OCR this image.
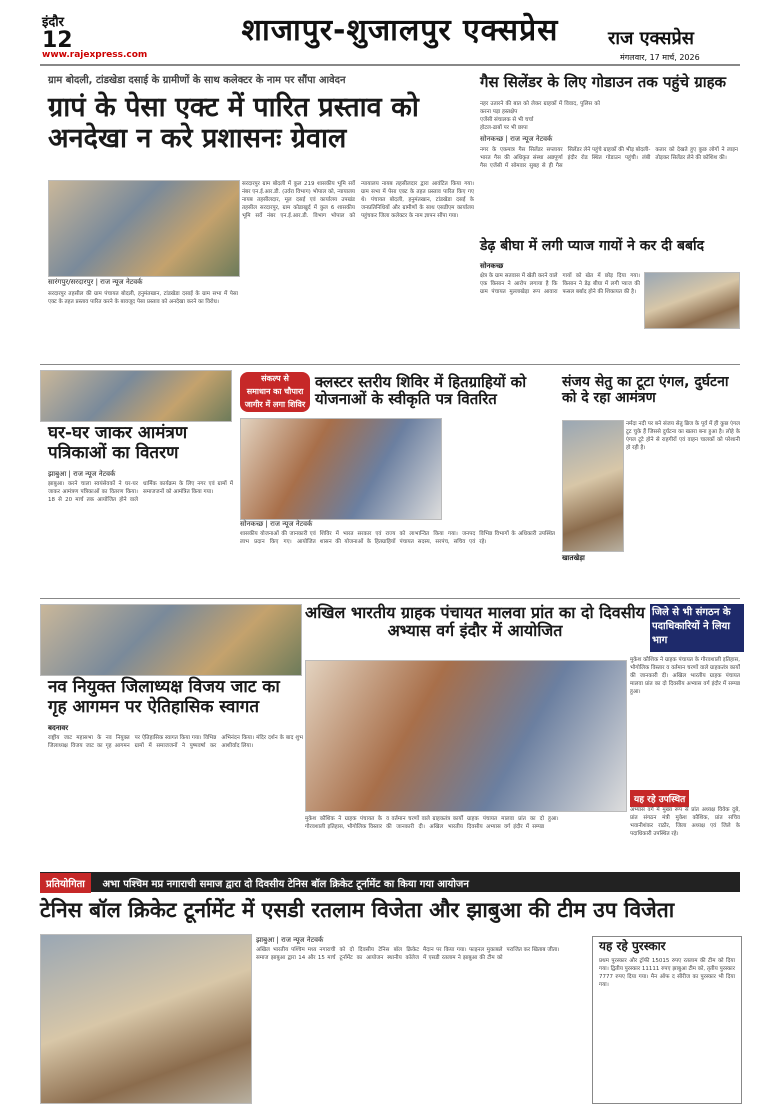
इंदौर
12	शाजापुर-शुजालपुर एक्सप्रेस	राज एक्सप्रेस
मंगलवार, 17 मार्च, 2026
www.rajexpress.com
ग्राम बोदली, टांडखेडा दसाई के ग्रामीणों के साथ कलेक्टर के नाम पर सौंपा आवेदन
ग्रापं के पेसा एक्ट में पारित प्रस्ताव को अनदेखा न करे प्रशासनः ग्रेवाल
सारंगपुर/सरदारपुर | राज न्यूज नेटवर्क
सरदारपुर तहसील की ग्राम पंचायत बोदली, हनुमंतखान, टांडखेडा दसाई के ग्राम सभा में पेसा एक्ट के तहत प्रस्ताव पारित करने के बावजूद पेसा प्रस्ताव को अनदेखा करने का विरोध।
सरदारपुर ग्राम बोदली में कुल 219 शासकीय भूमि सर्वे नंबर एन.ई.आर.डी. (उर्वरा विभाग) भोपाल को, न्यायालय नायब तहसीलदार, मूल दसई एवं कार्यालय उपखंड तहसील सरदारपुर, ग्राम कोडाखुर्द में कुल 6 शासकीय भूमि सर्वे नंबर एन.ई.आर.डी. विभाग भोपाल को न्यायालय नायब तहसीलदार द्वारा आवंटित किया गया। ग्राम सभा में पेसा एक्ट के तहत प्रस्ताव पारित किए गए थे। पंचायत बोदली, हनुमंतखान, टांडखेडा दसई के जनप्रतिनिधियों और ग्रामीणों के साथ एसडीएम कार्यालय पहुंचकर जिला कलेक्टर के नाम ज्ञापन सौंपा गया।
गैस सिलेंडर के लिए गोडाउन तक पहुंचे ग्राहक
नहर उतारने की बात को लेकर ग्राहकों में विवाद, पुलिस को करना पड़ा हस्तक्षेप
एजेंसी संचालक से भी चर्चा
होटल-ढाबों पर भी छापा
सोनकच्छ | राज न्यूज नेटवर्क
नगर के एकमात्र गैस सिलेंडर सप्लायर भारत गैस की अधिकृत संस्था अन्नपूर्णा गैस एजेंसी में सोमवार सुबह से ही गैस सिलेंडर लेने पहुंचे ग्राहकों की भीड़ बोदली-इंदौर रोड स्थित गोडाउन पहुंची। लंबी कतार को देखते हुए कुछ लोगों ने लाइन तोड़कर सिलेंडर लेने की कोशिश की।
डेढ़ बीघा में लगी प्याज गायों ने कर दी बर्बाद
सोनकच्छ
क्षेत्र के ग्राम सतवास में खेती करने वाले एक किसान ने आरोप लगाया है कि ग्राम पंचायत मुल्लाखेड़ा रूप आवारा गायों को खेत में छोड़ दिया गया। किसान ने डेढ़ बीघा में लगी प्याज की फसल बर्बाद होने की शिकायत की है।
घर-घर जाकर आमंत्रण पत्रिकाओं का वितरण
झाबुआ | राज न्यूज नेटवर्क
झाबुआ। करने चाला स्वयंसेवकों ने घर-घर जाकर आमंत्रण पत्रिकाओं का वितरण किया। 18 से 20 मार्च तक आयोजित होने वाले धार्मिक कार्यक्रम के लिए नगर एवं ग्रामों में समाजजनों को आमंत्रित किया गया।
संकल्प से
समाधान का चौपारा
जागीर में लगा शिविर
क्लस्टर स्तरीय शिविर में हितग्राहियों को योजनाओं के स्वीकृति पत्र वितरित
सोनकच्छ | राज न्यूज नेटवर्क
शासकीय योजनाओं की जानकारी एवं लाभ प्रदान किए गए। आयोजित शिविर में भारत सरकार एवं राज्य शासन की योजनाओं के हितग्राहियों को लाभान्वित किया गया। जनपद पंचायत सदस्य, सरपंच, सचिव एवं विभिन्न विभागों के अधिकारी उपस्थित रहे।
संजय सेतु का टूटा एंगल, दुर्घटना को दे रहा आमंत्रण
खातखेड़ा
नर्मदा नदी पर बने संजय सेतु ब्रिज के पूर्व में ही कुछ एंगल टूट चुके हैं जिससे दुर्घटना का खतरा बना हुआ है। लोहे के एंगल टूटे होने से राहगीरों एवं वाहन चालकों को परेशानी हो रही है।
अखिल भारतीय ग्राहक पंचायत मालवा प्रांत का दो दिवसीय अभ्यास वर्ग इंदौर में आयोजित
जिले से भी संगठन के पदाधिकारियों ने लिया भाग
मुकेश कौशिक ने ग्राहक पंचायत के गौरवशाली इतिहास, भौगोलिक विस्तार व वर्तमान चरणों वाले ग्राहकतंत्र कार्यों की जानकारी दी। अखिल भारतीय ग्राहक पंचायत मालवा प्रांत का दो दिवसीय अभ्यास वर्ग इंदौर में सम्पन्न हुआ।
यह रहे उपस्थित
अभ्यास वर्ग में मुख्य रूप से प्रांत अध्यक्ष विवेक दुबे, प्रांत संगठन मंत्री मुकेश कौशिक, प्रांत सचिव भवानीशंकर राठौर, जिला अध्यक्ष एवं जिले के पदाधिकारी उपस्थित रहे।
नव नियुक्त जिलाध्यक्ष विजय जाट का गृह आगमन पर ऐतिहासिक स्वागत
बदनावर
राष्ट्रीय जाट महासभा के नव नियुक्त जिलाध्यक्ष विजय जाट का गृह आगमन पर ऐतिहासिक स्वागत किया गया। विभिन्न ग्रामों में समाजजनों ने पुष्पवर्षा कर अभिनंदन किया। मंदिर दर्शन के बाद शुभ आशीर्वाद लिया।
मुकेश कौशिक ने ग्राहक पंचायत के गौरवशाली इतिहास, भौगोलिक विस्तार व वर्तमान चरणों वाले ग्राहकतंत्र कार्यों की जानकारी दी। अखिल भारतीय ग्राहक पंचायत मालवा प्रांत का दो दिवसीय अभ्यास वर्ग इंदौर में सम्पन्न हुआ।
प्रतियोगिता अभा पश्चिम मप्र नगाराची समाज द्वारा दो दिवसीय टेनिस बॉल क्रिकेट टूर्नामेंट का किया गया आयोजन
टेनिस बॉल क्रिकेट टूर्नामेंट में एसडी रतलाम विजेता और झाबुआ की टीम उप विजेता
झाबुआ | राज न्यूज नेटवर्क
अखिल भारतीय पश्चिम मध्य नगाराची समाज झाबुआ द्वारा 14 और 15 मार्च को दो दिवसीय टेनिस बॉल क्रिकेट टूर्नामेंट का आयोजन स्थानीय कॉलेज मैदान पर किया गया। फाइनल मुकाबले में एसडी रतलाम ने झाबुआ की टीम को पराजित कर खिताब जीता।	यह रहे पुरस्कार
प्रथम पुरस्कार और ट्रॉफी 15015 रुपए रतलाम की टीम को दिया गया। द्वितीय पुरस्कार 11111 रुपए झाबुआ टीम को, तृतीय पुरस्कार 7777 रुपए दिया गया। मैन ऑफ द सीरीज का पुरस्कार भी दिया गया।
